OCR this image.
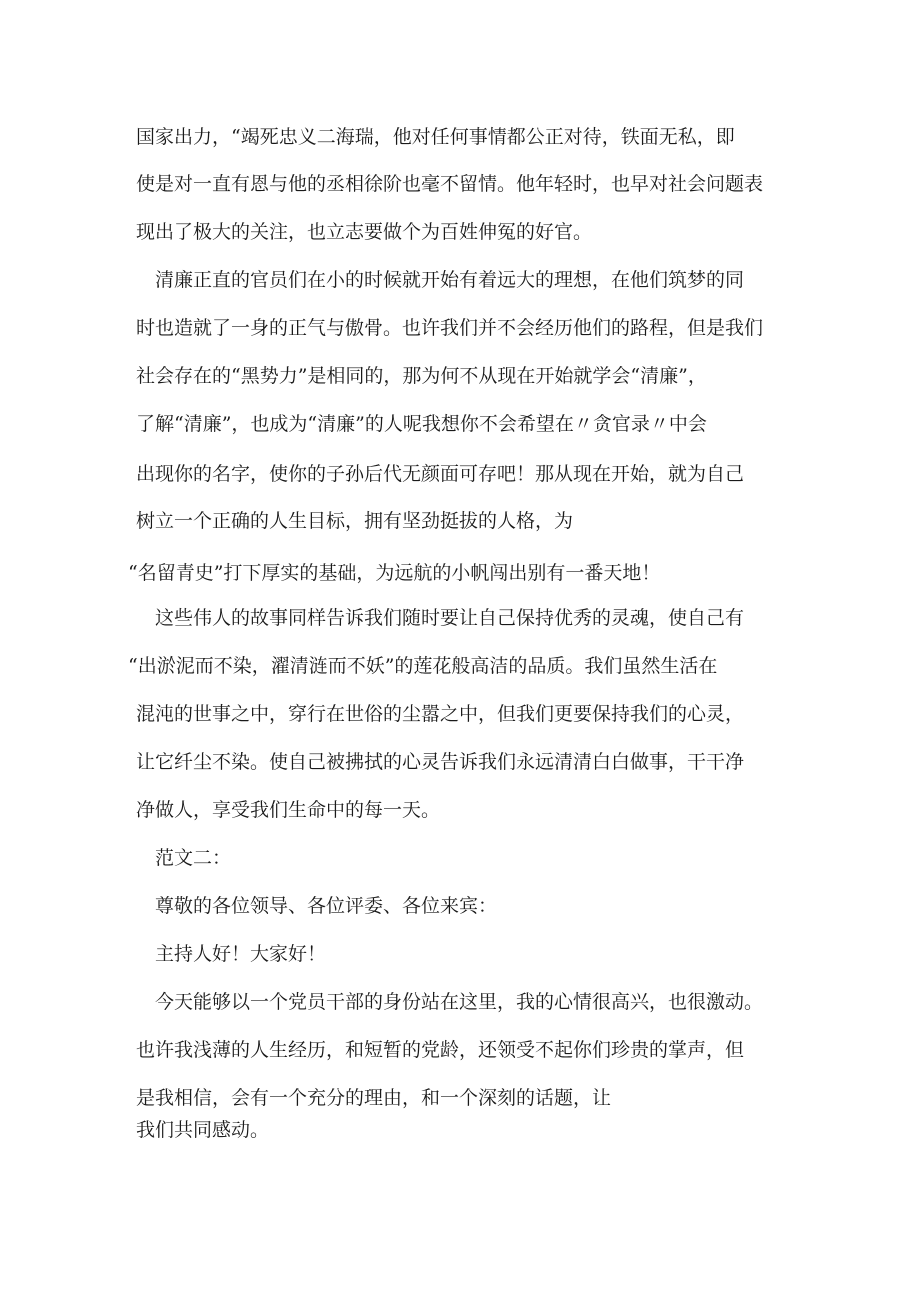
国家出力，“竭死忠义二海瑞，他对任何事情都公正对待，铁面无私，即
使是对一直有恩与他的丞相徐阶也毫不留情。他年轻时，也早对社会问题表
现出了极大的关注，也立志要做个为百姓伸冤的好官。
清廉正直的官员们在小的时候就开始有着远大的理想，在他们筑梦的同
时也造就了一身的正气与傲骨。也许我们并不会经历他们的路程，但是我们
社会存在的“黑势力”是相同的，那为何不从现在开始就学会“清廉”，
了解“清廉”，也成为“清廉”的人呢我想你不会希望在〃贪官录〃中会
出现你的名字，使你的子孙后代无颜面可存吧！那从现在开始，就为自己
树立一个正确的人生目标，拥有坚劲挺拔的人格，为
“名留青史”打下厚实的基础，为远航的小帆闯出别有一番天地！
这些伟人的故事同样告诉我们随时要让自己保持优秀的灵魂，使自己有
“出淤泥而不染，濯清涟而不妖”的莲花般高洁的品质。我们虽然生活在
混沌的世事之中，穿行在世俗的尘嚣之中，但我们更要保持我们的心灵，
让它纤尘不染。使自己被拂拭的心灵告诉我们永远清清白白做事，干干净
净做人，享受我们生命中的每一天。
范文二：
尊敬的各位领导、各位评委、各位来宾：
主持人好！大家好！
今天能够以一个党员干部的身份站在这里，我的心情很高兴，也很激动。
也许我浅薄的人生经历，和短暂的党龄，还领受不起你们珍贵的掌声，但
是我相信，会有一个充分的理由，和一个深刻的话题，让
我们共同感动。
